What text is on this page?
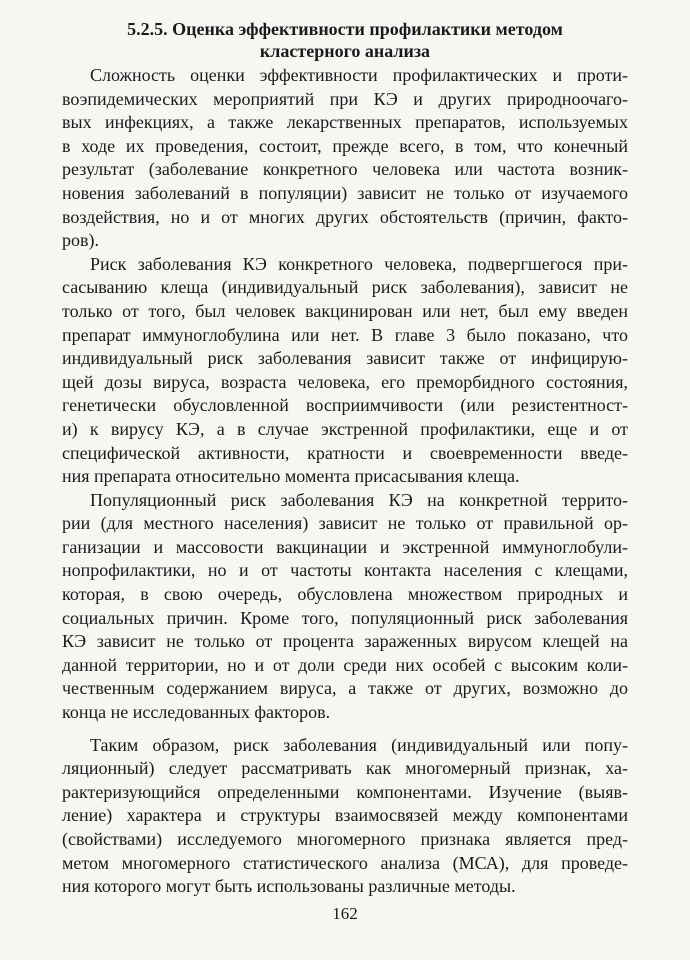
5.2.5. Оценка эффективности профилактики методом
кластерного анализа
Сложность оценки эффективности профилактических и проти-
воэпидемических мероприятий при КЭ и других природноочаго-
вых инфекциях, а также лекарственных препаратов, используемых
в ходе их проведения, состоит, прежде всего, в том, что конечный
результат (заболевание конкретного человека или частота возник-
новения заболеваний в популяции) зависит не только от изучаемого
воздействия, но и от многих других обстоятельств (причин, факто-
ров).
Риск заболевания КЭ конкретного человека, подвергшегося при-
сасыванию клеща (индивидуальный риск заболевания), зависит не
только от того, был человек вакцинирован или нет, был ему введен
препарат иммуноглобулина или нет. В главе 3 было показано, что
индивидуальный риск заболевания зависит также от инфицирую-
щей дозы вируса, возраста человека, его преморбидного состояния,
генетически обусловленной восприимчивости (или резистентност-
и) к вирусу КЭ, а в случае экстренной профилактики, еще и от
специфической активности, кратности и своевременности введе-
ния препарата относительно момента присасывания клеща.
Популяционный риск заболевания КЭ на конкретной террито-
рии (для местного населения) зависит не только от правильной ор-
ганизации и массовости вакцинации и экстренной иммуноглобули-
нопрофилактики, но и от частоты контакта населения с клещами,
которая, в свою очередь, обусловлена множеством природных и
социальных причин. Кроме того, популяционный риск заболевания
КЭ зависит не только от процента зараженных вирусом клещей на
данной территории, но и от доли среди них особей с высоким коли-
чественным содержанием вируса, а также от других, возможно до
конца не исследованных факторов.
Таким образом, риск заболевания (индивидуальный или попу-
ляционный) следует рассматривать как многомерный признак, ха-
рактеризующийся определенными компонентами. Изучение (выяв-
ление) характера и структуры взаимосвязей между компонентами
(свойствами) исследуемого многомерного признака является пред-
метом многомерного статистического анализа (МСА), для проведе-
ния которого могут быть использованы различные методы.
162
